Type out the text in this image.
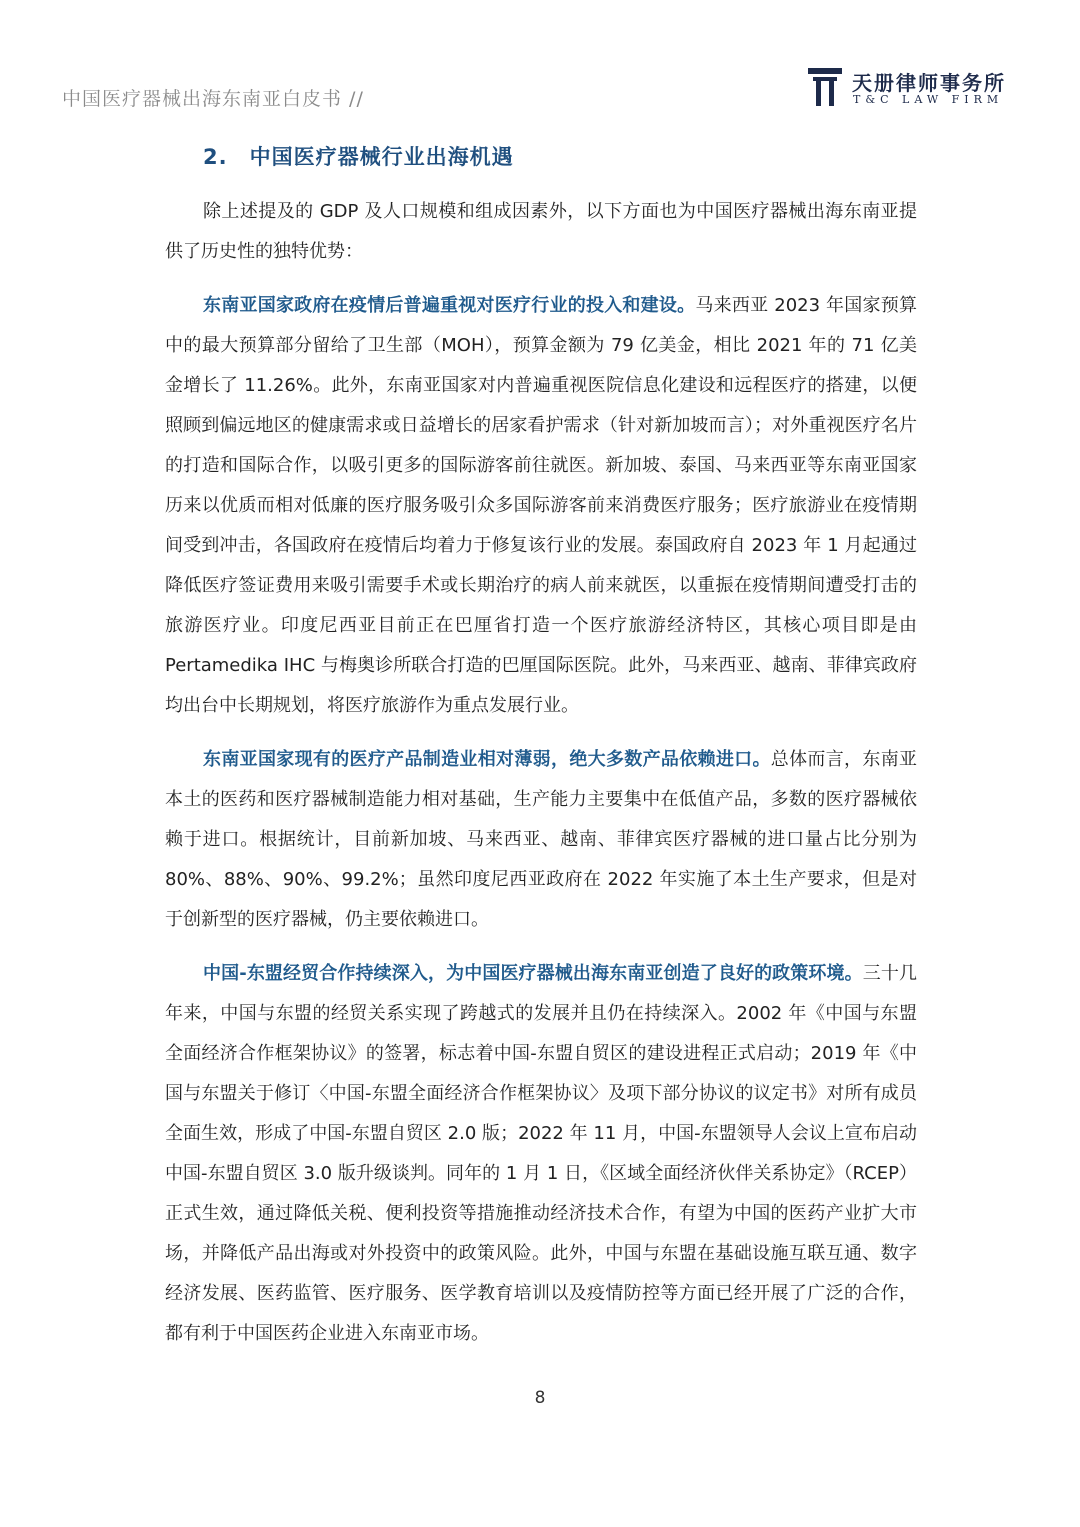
中国医疗器械出海东南亚白皮书 //
天册律师事务所
T&C LAW FIRM
2. 中国医疗器械行业出海机遇

除上述提及的 GDP 及人口规模和组成因素外，以下方面也为中国医疗器械出海东南亚提供了历史性的独特优势：

东南亚国家政府在疫情后普遍重视对医疗行业的投入和建设。马来西亚 2023 年国家预算中的最大预算部分留给了卫生部（MOH），预算金额为 79 亿美金，相比 2021 年的 71 亿美金增长了 11.26%。此外，东南亚国家对内普遍重视医院信息化建设和远程医疗的搭建，以便照顾到偏远地区的健康需求或日益增长的居家看护需求（针对新加坡而言）；对外重视医疗名片的打造和国际合作，以吸引更多的国际游客前往就医。新加坡、泰国、马来西亚等东南亚国家历来以优质而相对低廉的医疗服务吸引众多国际游客前来消费医疗服务；医疗旅游业在疫情期间受到冲击，各国政府在疫情后均着力于修复该行业的发展。泰国政府自 2023 年 1 月起通过降低医疗签证费用来吸引需要手术或长期治疗的病人前来就医，以重振在疫情期间遭受打击的旅游医疗业。印度尼西亚目前正在巴厘省打造一个医疗旅游经济特区，其核心项目即是由 Pertamedika IHC 与梅奥诊所联合打造的巴厘国际医院。此外，马来西亚、越南、菲律宾政府均出台中长期规划，将医疗旅游作为重点发展行业。

东南亚国家现有的医疗产品制造业相对薄弱，绝大多数产品依赖进口。总体而言，东南亚本土的医药和医疗器械制造能力相对基础，生产能力主要集中在低值产品，多数的医疗器械依赖于进口。根据统计，目前新加坡、马来西亚、越南、菲律宾医疗器械的进口量占比分别为 80%、88%、90%、99.2%；虽然印度尼西亚政府在 2022 年实施了本土生产要求，但是对于创新型的医疗器械，仍主要依赖进口。

中国-东盟经贸合作持续深入，为中国医疗器械出海东南亚创造了良好的政策环境。三十几年来，中国与东盟的经贸关系实现了跨越式的发展并且仍在持续深入。2002 年《中国与东盟全面经济合作框架协议》的签署，标志着中国-东盟自贸区的建设进程正式启动；2019 年《中国与东盟关于修订〈中国-东盟全面经济合作框架协议〉及项下部分协议的议定书》对所有成员全面生效，形成了中国-东盟自贸区 2.0 版；2022 年 11 月，中国-东盟领导人会议上宣布启动中国-东盟自贸区 3.0 版升级谈判。同年的 1 月 1 日，《区域全面经济伙伴关系协定》（RCEP）正式生效，通过降低关税、便利投资等措施推动经济技术合作，有望为中国的医药产业扩大市场，并降低产品出海或对外投资中的政策风险。此外，中国与东盟在基础设施互联互通、数字经济发展、医药监管、医疗服务、医学教育培训以及疫情防控等方面已经开展了广泛的合作，都有利于中国医药企业进入东南亚市场。

8
